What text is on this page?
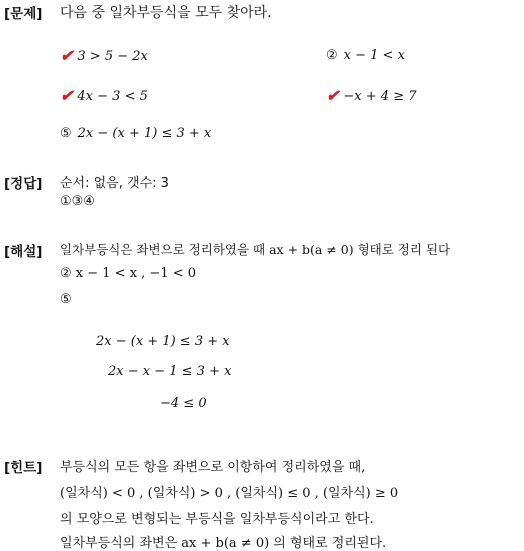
[문제] 다음 중 일차부등식을 모두 찾아라.
✔ 3 > 5 − 2x	② x − 1 < x
✔ 4x − 3 < 5	✔ −x + 4 ≥ 7
⑤ 2x − (x + 1) ≤ 3 + x
[정답] 순서: 없음, 갯수: 3
①③④
[해설] 일차부등식은 좌변으로 정리하였을 때 ax + b(a ≠ 0) 형태로 정리 된다
② x − 1 < x , −1 < 0
⑤
2x − (x + 1) ≤ 3 + x
2x − x − 1 ≤ 3 + x
−4 ≤ 0
[힌트] 부등식의 모든 항을 좌변으로 이항하여 정리하였을 때,
(일차식) < 0 , (일차식) > 0 , (일차식) ≤ 0 , (일차식) ≥ 0
의 모양으로 변형되는 부등식을 일차부등식이라고 한다.
일차부등식의 좌변은 ax + b(a ≠ 0) 의 형태로 정리된다.
